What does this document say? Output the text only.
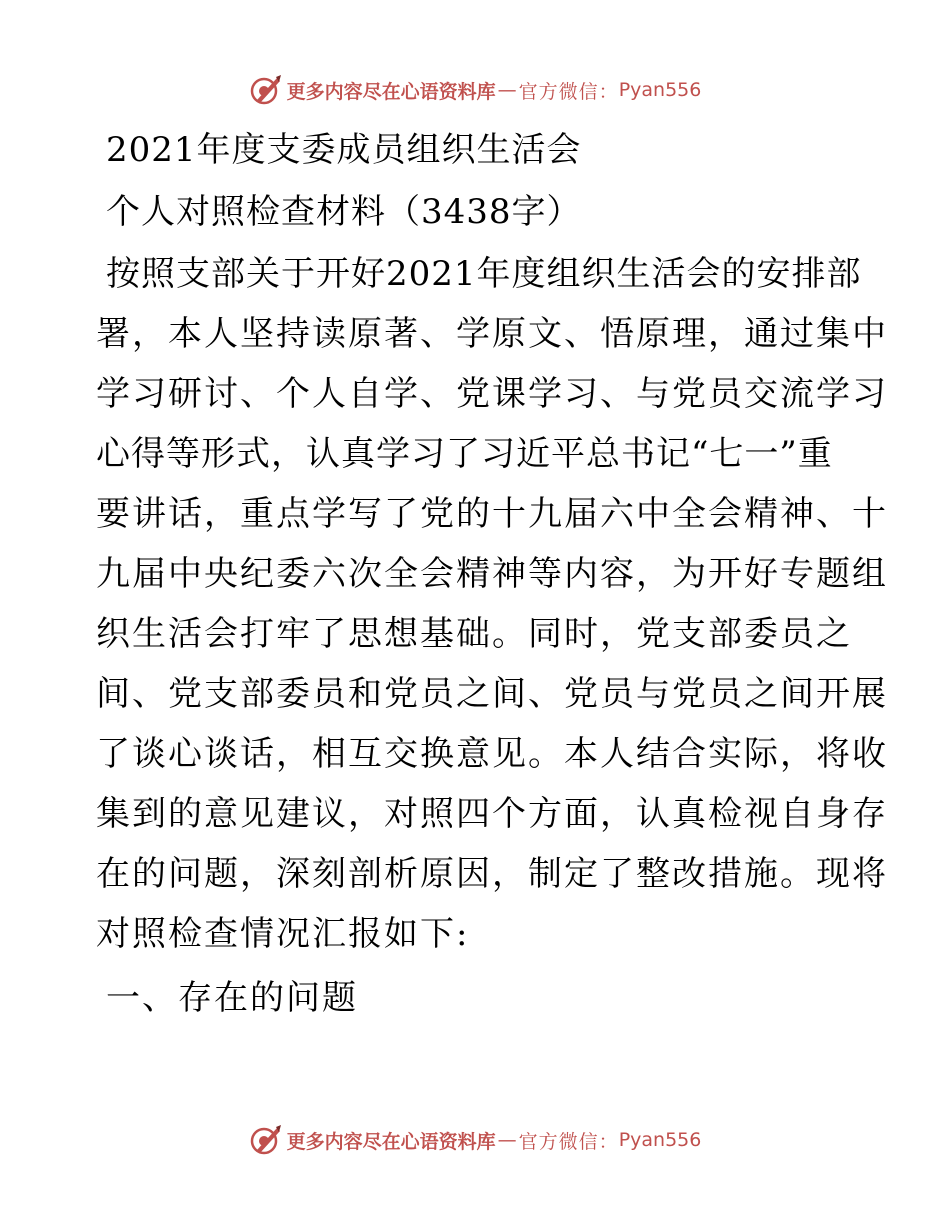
更多内容尽在心语资料库 — 官方微信： Pyan556
2021年度支委成员组织生活会
个人对照检查材料（3438字）
按照支部关于开好2021年度组织生活会的安排部
署，本人坚持读原著、学原文、悟原理，通过集中
学习研讨、个人自学、党课学习、与党员交流学习
心得等形式，认真学习了习近平总书记“七一”重
要讲话，重点学写了党的十九届六中全会精神、十
九届中央纪委六次全会精神等内容，为开好专题组
织生活会打牢了思想基础。同时，党支部委员之
间、党支部委员和党员之间、党员与党员之间开展
了谈心谈话，相互交换意见。本人结合实际，将收
集到的意见建议，对照四个方面，认真检视自身存
在的问题，深刻剖析原因，制定了整改措施。现将
对照检查情况汇报如下:
一、存在的问题
更多内容尽在心语资料库 — 官方微信： Pyan556
